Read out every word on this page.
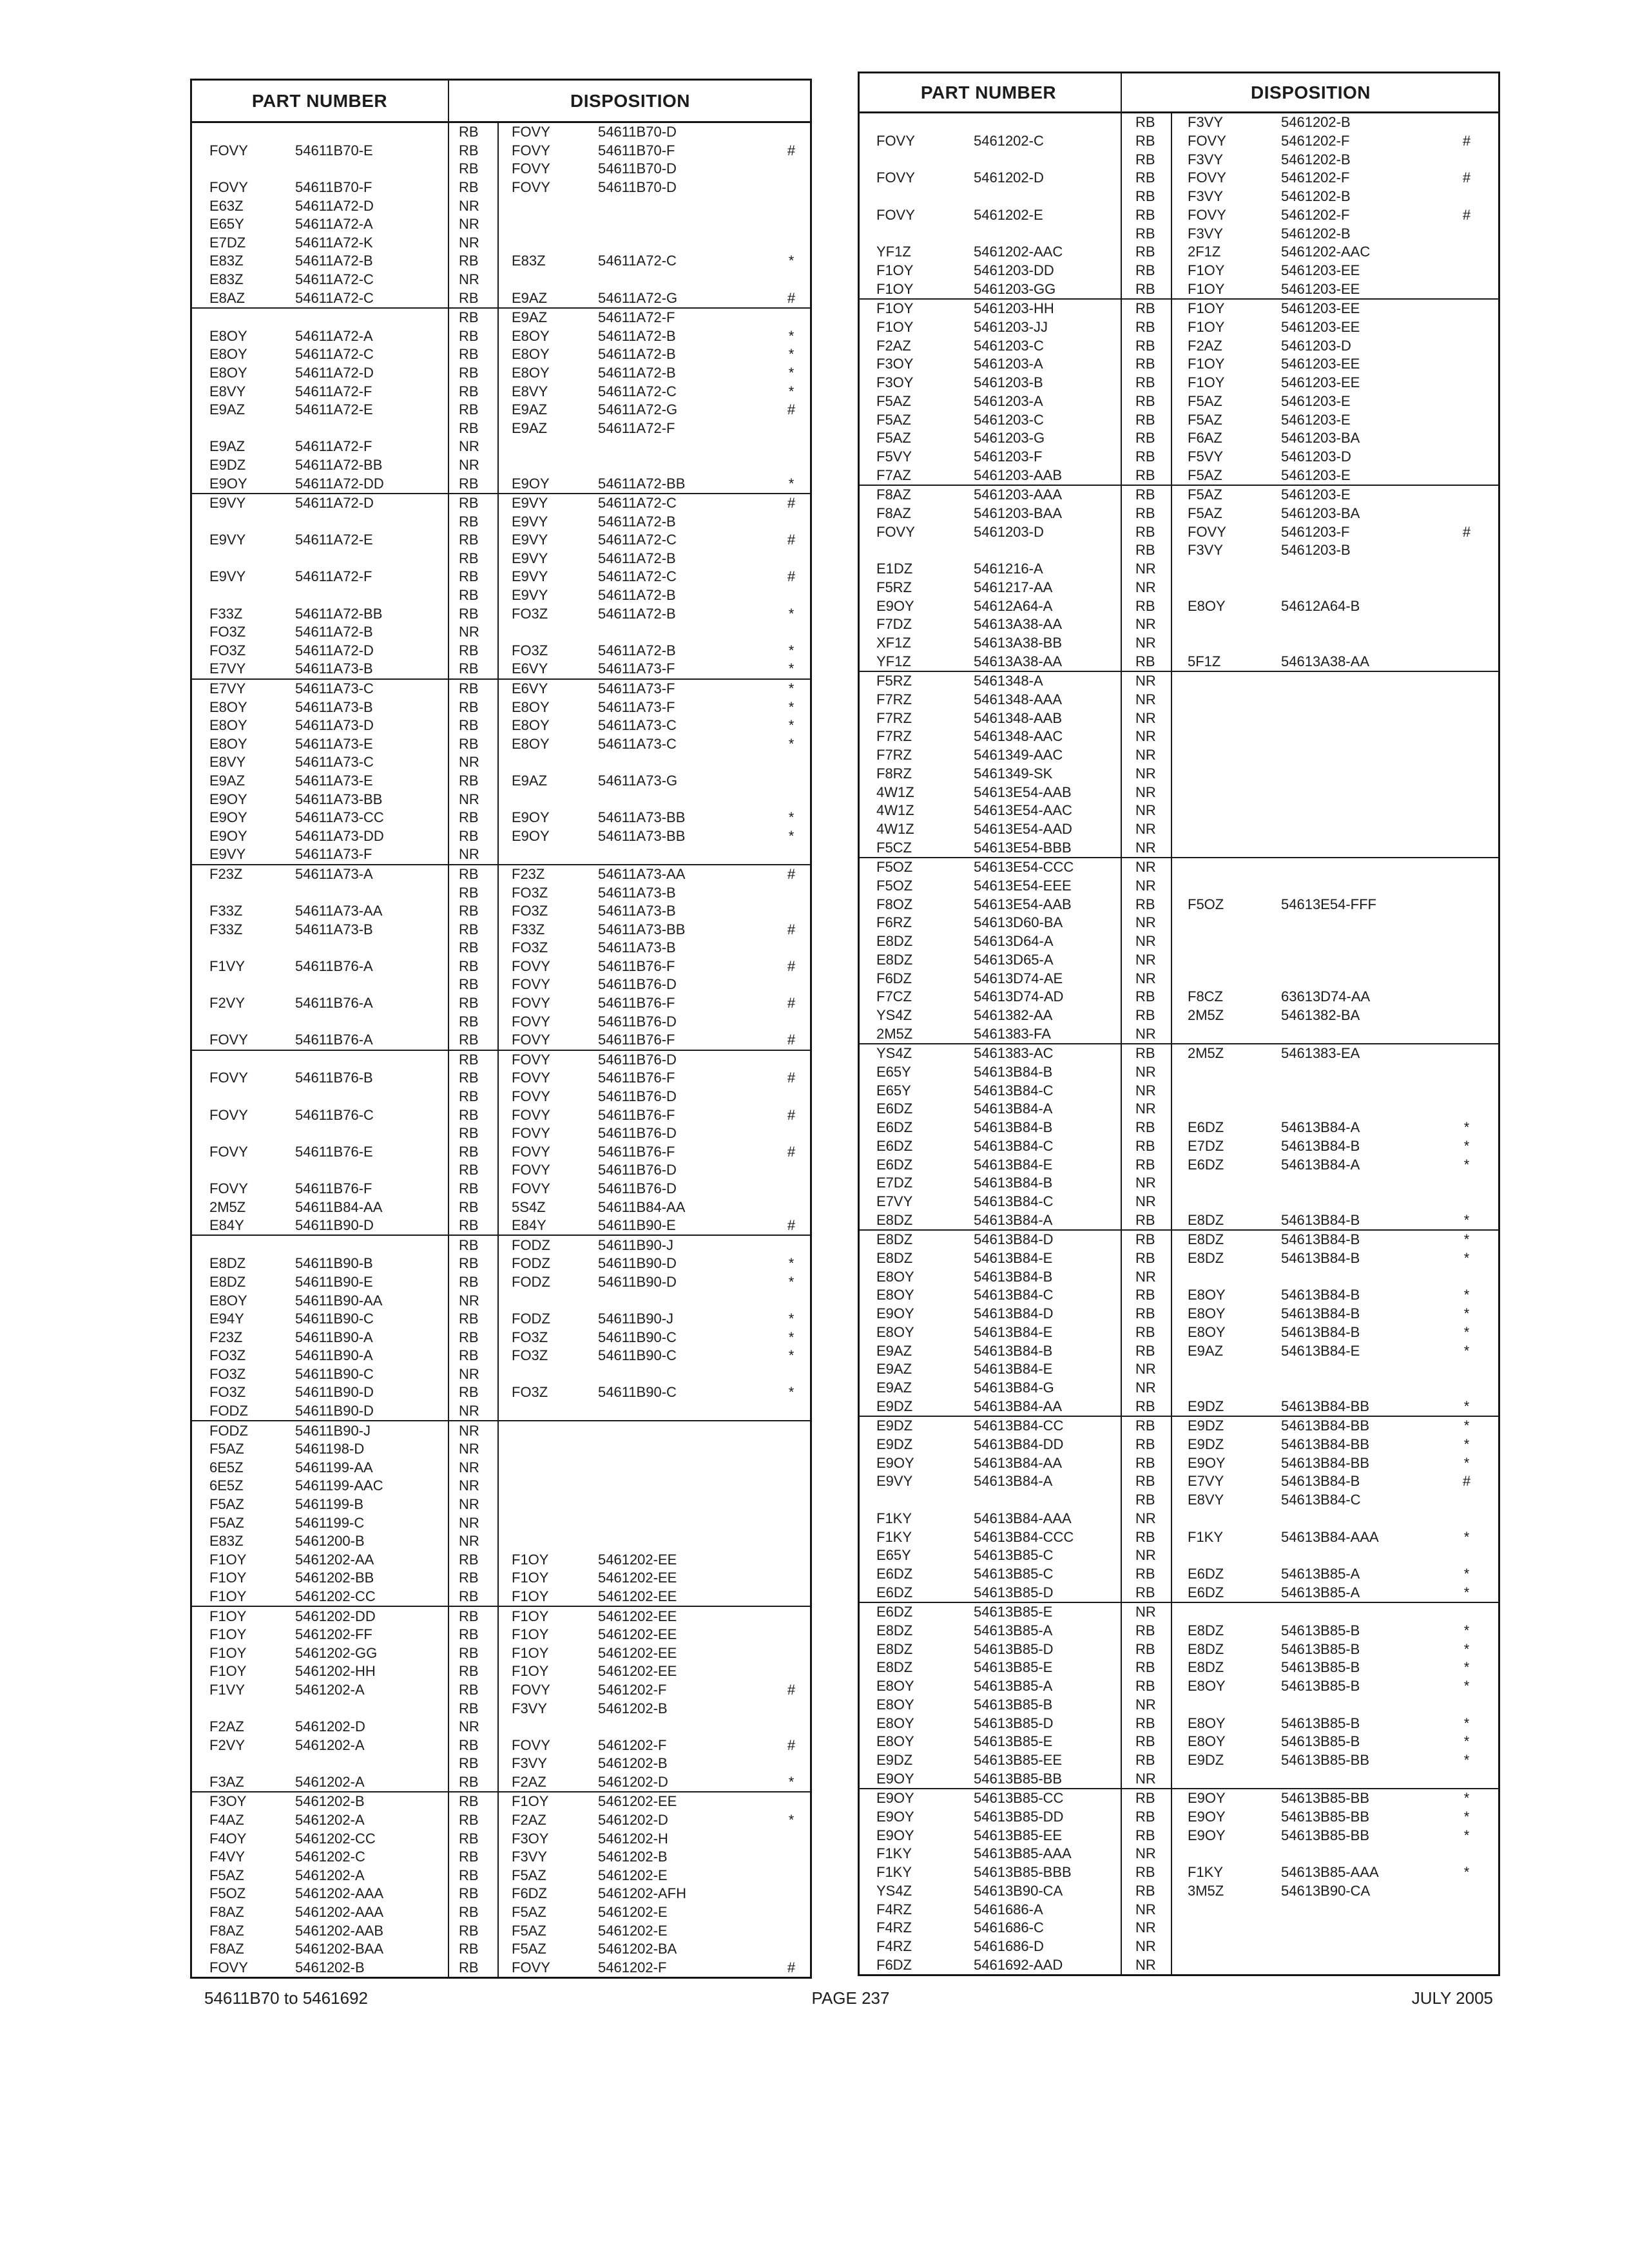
PART NUMBER	DISPOSITION
RB FOVY	54611B70-D
FOVY	54611B70-E	RB FOVY	54611B70-F	#
RB FOVY	54611B70-D
FOVY	54611B70-F	RB FOVY	54611B70-D
E63Z	54611A72-D	NR
E65Y	54611A72-A	NR
E7DZ	54611A72-K	NR
E83Z	54611A72-B	RB E83Z	54611A72-C	*
E83Z	54611A72-C	NR
E8AZ	54611A72-C	RB E9AZ	54611A72-G	#
RB E9AZ	54611A72-F
E8OY	54611A72-A	RB E8OY	54611A72-B	*
E8OY	54611A72-C	RB E8OY	54611A72-B	*
E8OY	54611A72-D	RB E8OY	54611A72-B	*
E8VY	54611A72-F	RB E8VY	54611A72-C	*
E9AZ	54611A72-E	RB E9AZ	54611A72-G	#
RB E9AZ	54611A72-F
E9AZ	54611A72-F	NR
E9DZ	54611A72-BB	NR
E9OY	54611A72-DD	RB E9OY	54611A72-BB	*
E9VY	54611A72-D	RB E9VY	54611A72-C	#
RB E9VY	54611A72-B
E9VY	54611A72-E	RB E9VY	54611A72-C	#
RB E9VY	54611A72-B
E9VY	54611A72-F	RB E9VY	54611A72-C	#
RB E9VY	54611A72-B
F33Z	54611A72-BB	RB FO3Z	54611A72-B	*
FO3Z	54611A72-B	NR
FO3Z	54611A72-D	RB FO3Z	54611A72-B	*
E7VY	54611A73-B	RB E6VY	54611A73-F	*
E7VY	54611A73-C	RB E6VY	54611A73-F	*
E8OY	54611A73-B	RB E8OY	54611A73-F	*
E8OY	54611A73-D	RB E8OY	54611A73-C	*
E8OY	54611A73-E	RB E8OY	54611A73-C	*
E8VY	54611A73-C	NR
E9AZ	54611A73-E	RB E9AZ	54611A73-G
E9OY	54611A73-BB	NR
E9OY	54611A73-CC	RB E9OY	54611A73-BB	*
E9OY	54611A73-DD	RB E9OY	54611A73-BB	*
E9VY	54611A73-F	NR
F23Z	54611A73-A	RB F23Z	54611A73-AA	#
RB FO3Z	54611A73-B
F33Z	54611A73-AA	RB FO3Z	54611A73-B
F33Z	54611A73-B	RB F33Z	54611A73-BB	#
RB FO3Z	54611A73-B
F1VY	54611B76-A	RB FOVY	54611B76-F	#
RB FOVY	54611B76-D
F2VY	54611B76-A	RB FOVY	54611B76-F	#
RB FOVY	54611B76-D
FOVY	54611B76-A	RB FOVY	54611B76-F	#
RB FOVY	54611B76-D
FOVY	54611B76-B	RB FOVY	54611B76-F	#
RB FOVY	54611B76-D
FOVY	54611B76-C	RB FOVY	54611B76-F	#
RB FOVY	54611B76-D
FOVY	54611B76-E	RB FOVY	54611B76-F	#
RB FOVY	54611B76-D
FOVY	54611B76-F	RB FOVY	54611B76-D
2M5Z	54611B84-AA	RB 5S4Z	54611B84-AA
E84Y	54611B90-D	RB E84Y	54611B90-E	#
RB FODZ	54611B90-J
E8DZ	54611B90-B	RB FODZ	54611B90-D	*
E8DZ	54611B90-E	RB FODZ	54611B90-D	*
E8OY	54611B90-AA	NR
E94Y	54611B90-C	RB FODZ	54611B90-J	*
F23Z	54611B90-A	RB FO3Z	54611B90-C	*
FO3Z	54611B90-A	RB FO3Z	54611B90-C	*
FO3Z	54611B90-C	NR
FO3Z	54611B90-D	RB FO3Z	54611B90-C	*
FODZ	54611B90-D	NR
FODZ	54611B90-J	NR
F5AZ	5461198-D	NR
6E5Z	5461199-AA	NR
6E5Z	5461199-AAC	NR
F5AZ	5461199-B	NR
F5AZ	5461199-C	NR
E83Z	5461200-B	NR
F1OY	5461202-AA	RB F1OY	5461202-EE
F1OY	5461202-BB	RB F1OY	5461202-EE
F1OY	5461202-CC	RB F1OY	5461202-EE
F1OY	5461202-DD	RB F1OY	5461202-EE
F1OY	5461202-FF	RB F1OY	5461202-EE
F1OY	5461202-GG	RB F1OY	5461202-EE
F1OY	5461202-HH	RB F1OY	5461202-EE
F1VY	5461202-A	RB FOVY	5461202-F	#
RB F3VY	5461202-B
F2AZ	5461202-D	NR
F2VY	5461202-A	RB FOVY	5461202-F	#
RB F3VY	5461202-B
F3AZ	5461202-A	RB F2AZ	5461202-D	*
F3OY	5461202-B	RB F1OY	5461202-EE
F4AZ	5461202-A	RB F2AZ	5461202-D	*
F4OY	5461202-CC	RB F3OY	5461202-H
F4VY	5461202-C	RB F3VY	5461202-B
F5AZ	5461202-A	RB F5AZ	5461202-E
F5OZ	5461202-AAA	RB F6DZ	5461202-AFH
F8AZ	5461202-AAA	RB F5AZ	5461202-E
F8AZ	5461202-AAB	RB F5AZ	5461202-E
F8AZ	5461202-BAA	RB F5AZ	5461202-BA
FOVY	5461202-B	RB FOVY	5461202-F	#
PART NUMBER	DISPOSITION
RB F3VY	5461202-B
FOVY	5461202-C	RB FOVY	5461202-F	#
RB F3VY	5461202-B
FOVY	5461202-D	RB FOVY	5461202-F	#
RB F3VY	5461202-B
FOVY	5461202-E	RB FOVY	5461202-F	#
RB F3VY	5461202-B
YF1Z	5461202-AAC	RB 2F1Z	5461202-AAC
F1OY	5461203-DD	RB F1OY	5461203-EE
F1OY	5461203-GG	RB F1OY	5461203-EE
F1OY	5461203-HH	RB F1OY	5461203-EE
F1OY	5461203-JJ	RB F1OY	5461203-EE
F2AZ	5461203-C	RB F2AZ	5461203-D
F3OY	5461203-A	RB F1OY	5461203-EE
F3OY	5461203-B	RB F1OY	5461203-EE
F5AZ	5461203-A	RB F5AZ	5461203-E
F5AZ	5461203-C	RB F5AZ	5461203-E
F5AZ	5461203-G	RB F6AZ	5461203-BA
F5VY	5461203-F	RB F5VY	5461203-D
F7AZ	5461203-AAB	RB F5AZ	5461203-E
F8AZ	5461203-AAA	RB F5AZ	5461203-E
F8AZ	5461203-BAA	RB F5AZ	5461203-BA
FOVY	5461203-D	RB FOVY	5461203-F	#
RB F3VY	5461203-B
E1DZ	5461216-A	NR
F5RZ	5461217-AA	NR
E9OY	54612A64-A	RB E8OY	54612A64-B
F7DZ	54613A38-AA	NR
XF1Z	54613A38-BB	NR
YF1Z	54613A38-AA	RB 5F1Z	54613A38-AA
F5RZ	5461348-A	NR
F7RZ	5461348-AAA	NR
F7RZ	5461348-AAB	NR
F7RZ	5461348-AAC	NR
F7RZ	5461349-AAC	NR
F8RZ	5461349-SK	NR
4W1Z	54613E54-AAB	NR
4W1Z	54613E54-AAC	NR
4W1Z	54613E54-AAD	NR
F5CZ	54613E54-BBB	NR
F5OZ	54613E54-CCC	NR
F5OZ	54613E54-EEE	NR
F8OZ	54613E54-AAB	RB F5OZ	54613E54-FFF
F6RZ	54613D60-BA	NR
E8DZ	54613D64-A	NR
E8DZ	54613D65-A	NR
F6DZ	54613D74-AE	NR
F7CZ	54613D74-AD	RB F8CZ	63613D74-AA
YS4Z	5461382-AA	RB 2M5Z	5461382-BA
2M5Z	5461383-FA	NR
YS4Z	5461383-AC	RB 2M5Z	5461383-EA
E65Y	54613B84-B	NR
E65Y	54613B84-C	NR
E6DZ	54613B84-A	NR
E6DZ	54613B84-B	RB E6DZ	54613B84-A	*
E6DZ	54613B84-C	RB E7DZ	54613B84-B	*
E6DZ	54613B84-E	RB E6DZ	54613B84-A	*
E7DZ	54613B84-B	NR
E7VY	54613B84-C	NR
E8DZ	54613B84-A	RB E8DZ	54613B84-B	*
E8DZ	54613B84-D	RB E8DZ	54613B84-B	*
E8DZ	54613B84-E	RB E8DZ	54613B84-B	*
E8OY	54613B84-B	NR
E8OY	54613B84-C	RB E8OY	54613B84-B	*
E9OY	54613B84-D	RB E8OY	54613B84-B	*
E8OY	54613B84-E	RB E8OY	54613B84-B	*
E9AZ	54613B84-B	RB E9AZ	54613B84-E	*
E9AZ	54613B84-E	NR
E9AZ	54613B84-G	NR
E9DZ	54613B84-AA	RB E9DZ	54613B84-BB	*
E9DZ	54613B84-CC	RB E9DZ	54613B84-BB	*
E9DZ	54613B84-DD	RB E9DZ	54613B84-BB	*
E9OY	54613B84-AA	RB E9OY	54613B84-BB	*
E9VY	54613B84-A	RB E7VY	54613B84-B	#
RB E8VY	54613B84-C
F1KY	54613B84-AAA	NR
F1KY	54613B84-CCC	RB F1KY	54613B84-AAA	*
E65Y	54613B85-C	NR
E6DZ	54613B85-C	RB E6DZ	54613B85-A	*
E6DZ	54613B85-D	RB E6DZ	54613B85-A	*
E6DZ	54613B85-E	NR
E8DZ	54613B85-A	RB E8DZ	54613B85-B	*
E8DZ	54613B85-D	RB E8DZ	54613B85-B	*
E8DZ	54613B85-E	RB E8DZ	54613B85-B	*
E8OY	54613B85-A	RB E8OY	54613B85-B	*
E8OY	54613B85-B	NR
E8OY	54613B85-D	RB E8OY	54613B85-B	*
E8OY	54613B85-E	RB E8OY	54613B85-B	*
E9DZ	54613B85-EE	RB E9DZ	54613B85-BB	*
E9OY	54613B85-BB	NR
E9OY	54613B85-CC	RB E9OY	54613B85-BB	*
E9OY	54613B85-DD	RB E9OY	54613B85-BB	*
E9OY	54613B85-EE	RB E9OY	54613B85-BB	*
F1KY	54613B85-AAA	NR
F1KY	54613B85-BBB	RB F1KY	54613B85-AAA	*
YS4Z	54613B90-CA	RB 3M5Z	54613B90-CA
F4RZ	5461686-A	NR
F4RZ	5461686-C	NR
F4RZ	5461686-D	NR
F6DZ	5461692-AAD	NR
54611B70 to 5461692	PAGE 237	JULY 2005
